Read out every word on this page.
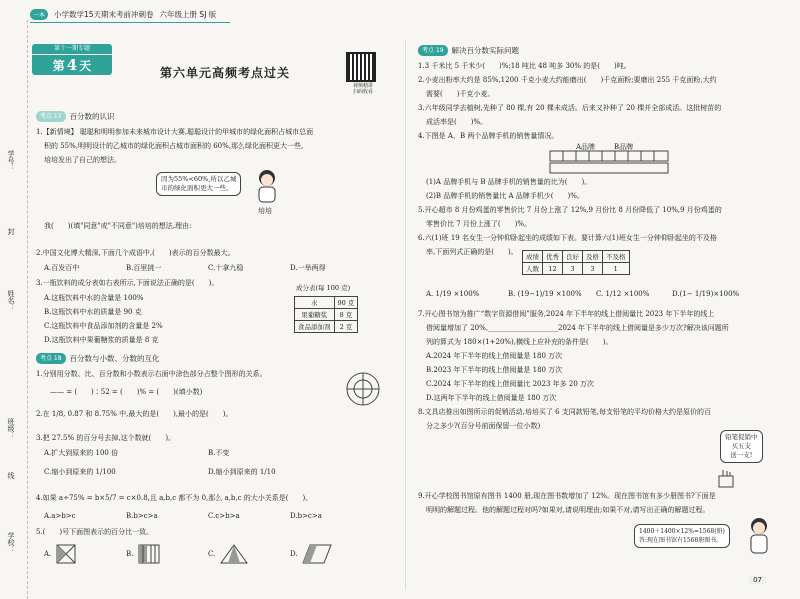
一本	小学数学15天期末考前冲刺卷 六年级上册 SJ 版
学号：
姓名：
班级：
学校：
线
封
第十一期专题
第 4 天
第六单元高频考点过关
视频精讲
扫码收看
考点 17	百分数的认识
1.【新情境】 聪聪和明明参加未来城市设计大赛,聪聪设计的甲城市的绿化面积占城市总面
积的 55%,明明设计的乙城市的绿化面积占城市面积的 60%,那么绿化面积更大一些,
培培发出了自己的想法。
因为55%<60%,所以乙城
市的绿化面积更大一些。
培培
我(　　)(填"同意"或"不同意")培培的想法,理由:
2.中国文化博大精深,下面几个成语中,(　　)表示的百分数最大。
A.百发百中	B.百里挑一	C.十拿九稳	D.一举两得
3.一瓶饮料的成分表如右表所示,下面说法正确的是(　　)。
A.这瓶饮料中水的含量是 100%
B.这瓶饮料中水的质量是 90 克
C.这瓶饮料中食品添加剂的含量是 2%
D.这瓶饮料中果葡糖浆的质量是 8 克
成分表(每 100 克)
水	90 克
果葡糖浆	8 克
食品添加剂	2 克
考点 18	百分数与小数、分数的互化
1.分别用分数、比、百分数和小数表示右面中涂色部分占整个图形的关系。
—— = (　　)∶52 = (　　)% = (　　)(填小数)
2.在 1/8, 0.87 和 8.75% 中,最大的是(　　),最小的是(　　)。
3.把 27.5% 的百分号去掉,这个数就(　　)。
A.扩大到原来的 100 倍	B.不变
C.缩小到原来的 1/100	D.缩小到原来的 1/10
4.如果 a÷75% = b×5/7 = c×0.8,且 a,b,c 都不为 0,那么 a,b,c 的大小关系是(　　)。
A.a>b>c	B.b>c>a	C.c>b>a	D.b>c>a
5.(　　)号下面图表示的百分比一致。
A.	B.	C.	D.
考点 19	解决百分数实际问题
1.3 千米比 5 千米少(　　)%;18 吨比 48 吨多 30% 的是(　　)吨。
2.小麦出粉率大约是 85%,1200 千克小麦大约能磨出(　　)千克面粉;要磨出 255 千克面粉,大约
需要(　　)千克小麦。
3.六年级同学去植树,先种了 80 棵,有 20 棵未成活。后来又补种了 20 棵并全部成活。这批树苗的
成活率是(　　)%。
4.下图是 A、B 两个品牌手机的销售量情况。
A品牌	B品牌
(1)A 品牌手机与 B 品牌手机的销售量的比为(　　)。
(2)B 品牌手机的销售量比 A 品牌手机少(　　)%。
5.开心超市 8 月份鸡蛋的零售价比 7 月份上涨了 12%,9 月份比 8 月份降低了 10%,9 月份鸡蛋的
零售价比 7 月份上涨了(　　)%。
6.六(1)班 19 名女生一分钟仰卧起坐的成绩如下表。要计算六(1)班女生一分钟仰卧起坐的不及格
率,下面列式正确的是(　　)。
成绩	优秀	良好	及格	不及格
人数	12	3	3	1
A. 1/19 ×100%	B. (19−1)/19 ×100% C. 1/12 ×100%	D.(1− 1/19)×100%
7.开心图书馆为推广“数字资源借阅”服务,2024 年下半年的线上借阅量比 2023 年下半年的线上
借阅量增加了 20%,____________________2024 年下半年的线上借阅量是多少万次?解决该问题所
列的算式为 180×(1+20%),横线上应补充的条件是(　　)。
A.2024 年下半年的线上借阅量是 180 万次
B.2023 年下半年的线上借阅量是 180 万次
C.2024 年下半年的线上借阅量比 2023 年多 20 万次
D.这两年下半年的线上借阅量是 180 万次
8.文具店推出如图所示的促销活动,培培买了 6 支同款铅笔,每支铅笔的平均价格大约是原价的百
分之多少?(百分号前面保留一位小数)
铅笔促销中
买五支
送一支!
9.开心学校图书馆原有图书 1400 册,现在图书数增加了 12%。现在图书馆有多少册图书?下面是
明明的解题过程。他的解题过程对吗?如果对,请说明理由;如果不对,请写出正确的解题过程。
1400＋1400×12%=1568(册)
答:现在图书馆有1568册图书。
07
